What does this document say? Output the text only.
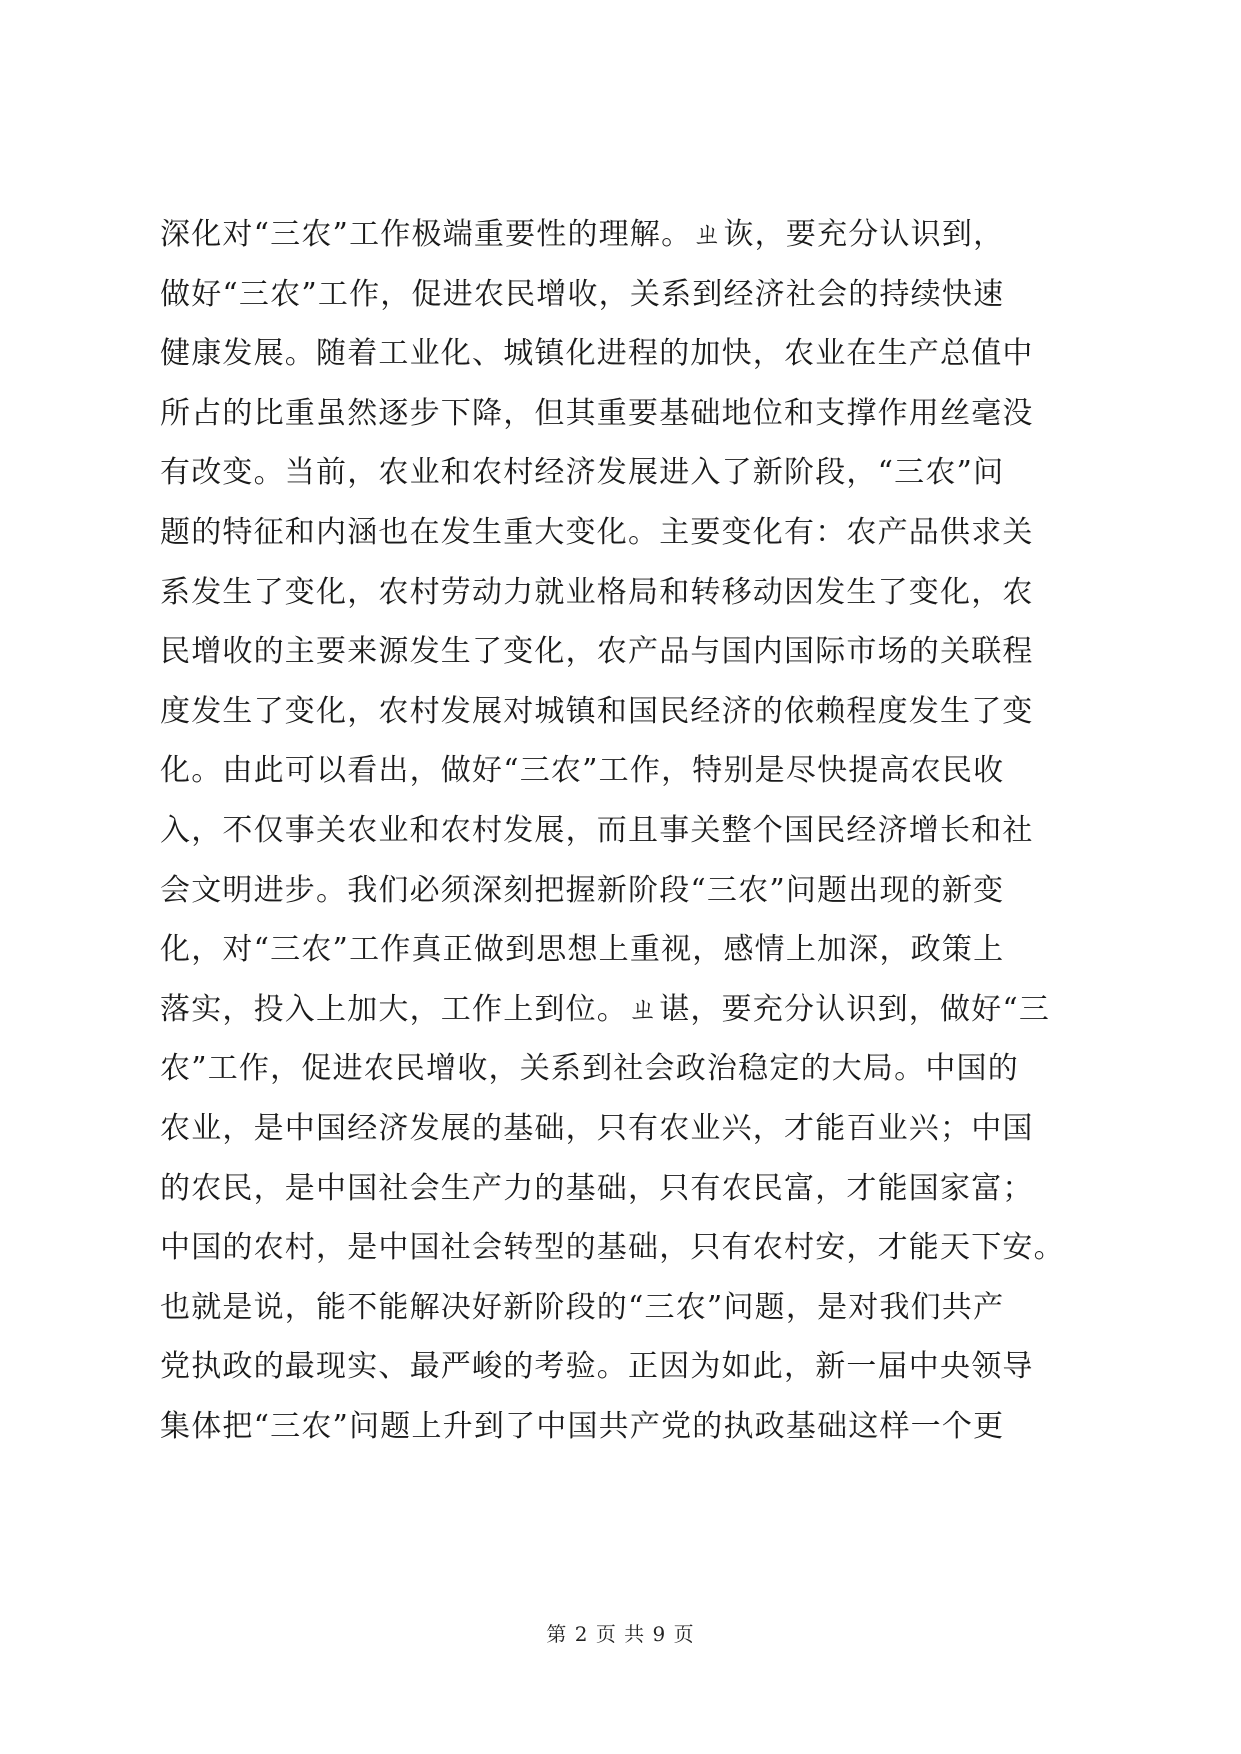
深化对“三农”工作极端重要性的理解。ㄓ诙，要充分认识到，
做好“三农”工作，促进农民增收，关系到经济社会的持续快速
健康发展。随着工业化、城镇化进程的加快，农业在生产总值中
所占的比重虽然逐步下降，但其重要基础地位和支撑作用丝毫没
有改变。当前，农业和农村经济发展进入了新阶段，“三农”问
题的特征和内涵也在发生重大变化。主要变化有：农产品供求关
系发生了变化，农村劳动力就业格局和转移动因发生了变化，农
民增收的主要来源发生了变化，农产品与国内国际市场的关联程
度发生了变化，农村发展对城镇和国民经济的依赖程度发生了变
化。由此可以看出，做好“三农”工作，特别是尽快提高农民收
入，不仅事关农业和农村发展，而且事关整个国民经济增长和社
会文明进步。我们必须深刻把握新阶段“三农”问题出现的新变
化，对“三农”工作真正做到思想上重视，感情上加深，政策上
落实，投入上加大，工作上到位。ㄓ谌，要充分认识到，做好“三
农”工作，促进农民增收，关系到社会政治稳定的大局。中国的
农业，是中国经济发展的基础，只有农业兴，才能百业兴；中国
的农民，是中国社会生产力的基础，只有农民富，才能国家富；
中国的农村，是中国社会转型的基础，只有农村安，才能天下安。
也就是说，能不能解决好新阶段的“三农”问题，是对我们共产
党执政的最现实、最严峻的考验。正因为如此，新一届中央领导
集体把“三农”问题上升到了中国共产党的执政基础这样一个更
第 2 页 共 9 页
